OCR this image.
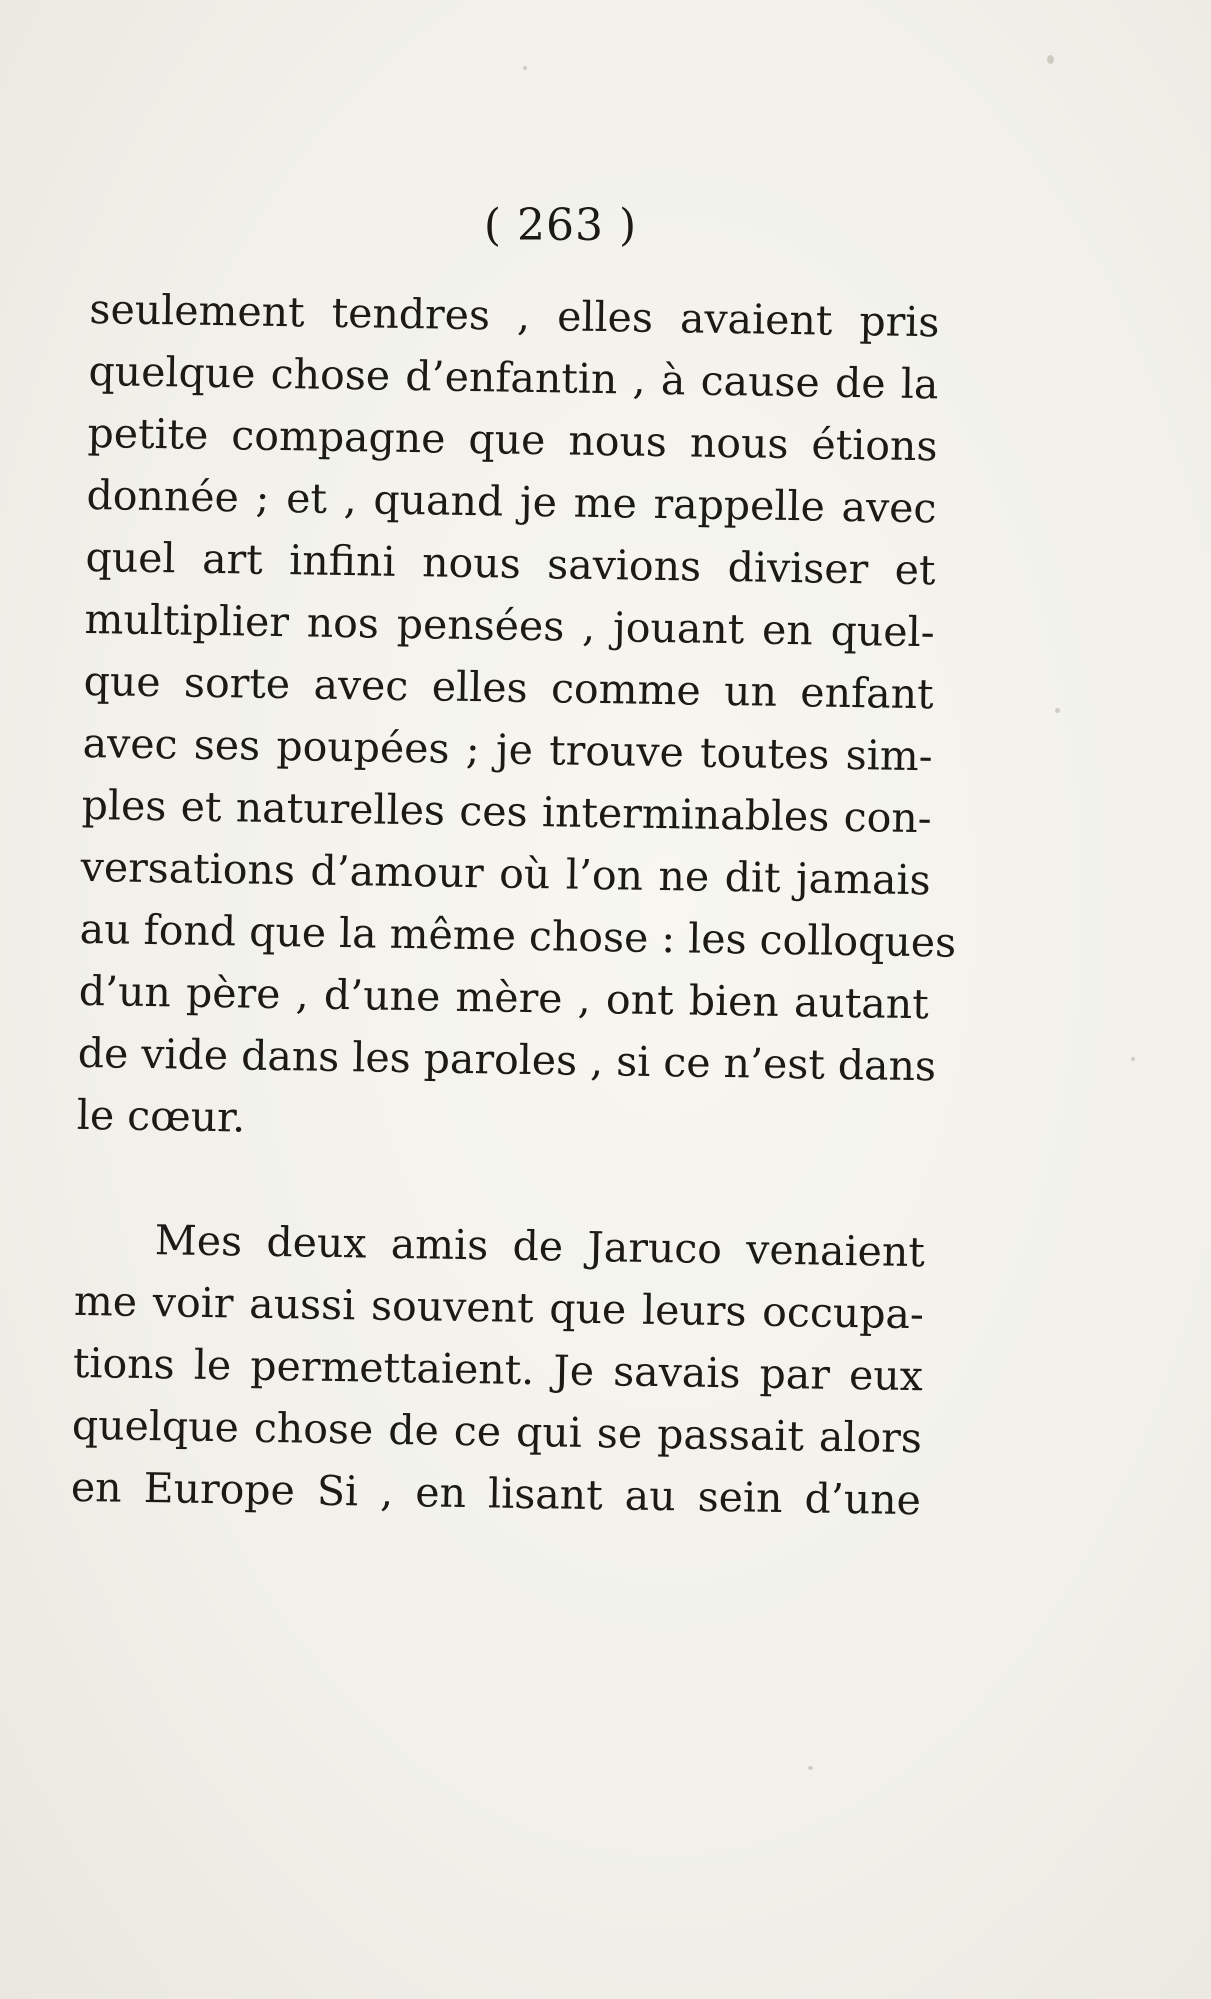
( 263 )
seulement tendres , elles avaient pris
quelque chose d’enfantin , à cause de la
petite compagne que nous nous étions
donnée ; et , quand je me rappelle avec
quel art infini nous savions diviser et
multiplier nos pensées , jouant en quel-
que sorte avec elles comme un enfant
avec ses poupées ; je trouve toutes sim-
ples et naturelles ces interminables con-
versations d’amour où l’on ne dit jamais
au fond que la même chose : les colloques
d’un père , d’une mère , ont bien autant
de vide dans les paroles , si ce n’est dans
le cœur.
Mes deux amis de Jaruco venaient
me voir aussi souvent que leurs occupa-
tions le permettaient. Je savais par eux
quelque chose de ce qui se passait alors
en Europe Si , en lisant au sein d’une
